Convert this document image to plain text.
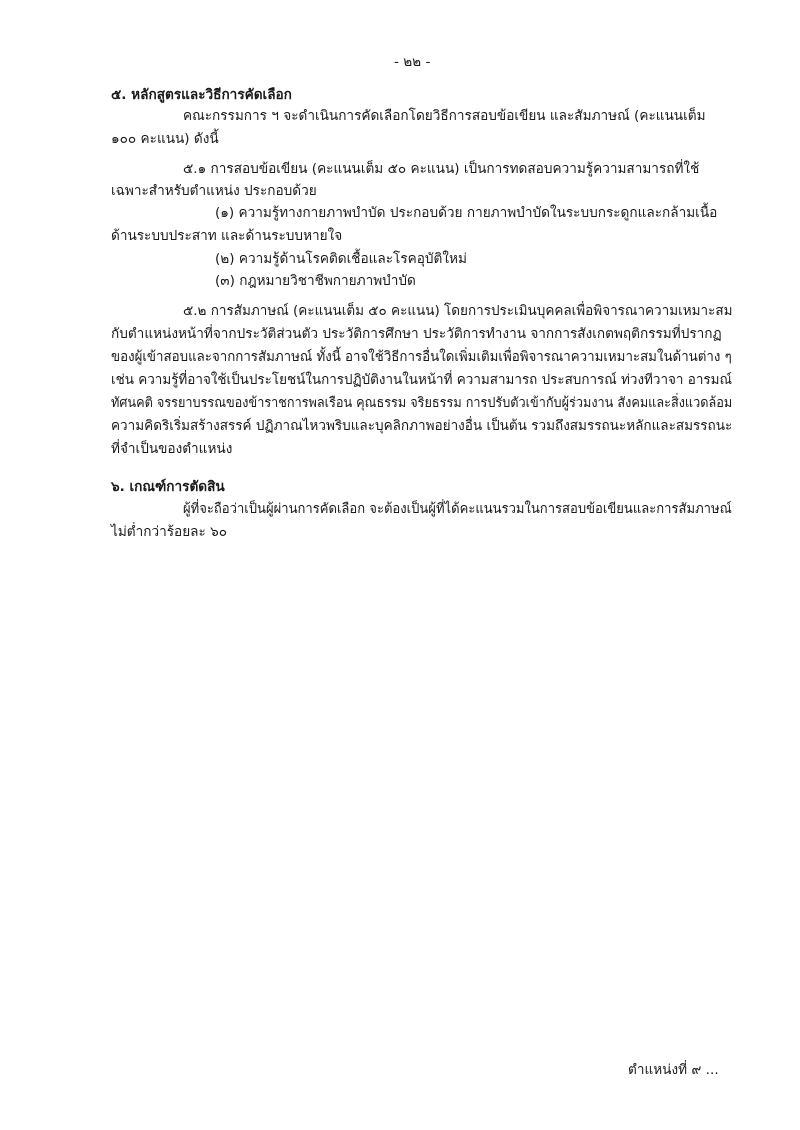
- ๒๒ -
๕. หลักสูตรและวิธีการคัดเลือก
คณะกรรมการ ฯ จะดำเนินการคัดเลือกโดยวิธีการสอบข้อเขียน และสัมภาษณ์ (คะแนนเต็ม
๑๐๐ คะแนน) ดังนี้
๕.๑ การสอบข้อเขียน (คะแนนเต็ม ๕๐ คะแนน) เป็นการทดสอบความรู้ความสามารถที่ใช้
เฉพาะสำหรับตำแหน่ง ประกอบด้วย
(๑) ความรู้ทางกายภาพบำบัด ประกอบด้วย กายภาพบำบัดในระบบกระดูกและกล้ามเนื้อ
ด้านระบบประสาท และด้านระบบหายใจ
(๒) ความรู้ด้านโรคติดเชื้อและโรคอุบัติใหม่
(๓) กฎหมายวิชาชีพกายภาพบำบัด
๕.๒ การสัมภาษณ์ (คะแนนเต็ม ๕๐ คะแนน) โดยการประเมินบุคคลเพื่อพิจารณาความเหมาะสม
กับตำแหน่งหน้าที่จากประวัติส่วนตัว ประวัติการศึกษา ประวัติการทำงาน จากการสังเกตพฤติกรรมที่ปรากฏ
ของผู้เข้าสอบและจากการสัมภาษณ์ ทั้งนี้ อาจใช้วิธีการอื่นใดเพิ่มเติมเพื่อพิจารณาความเหมาะสมในด้านต่าง ๆ
เช่น ความรู้ที่อาจใช้เป็นประโยชน์ในการปฏิบัติงานในหน้าที่ ความสามารถ ประสบการณ์ ท่วงทีวาจา อารมณ์
ทัศนคติ จรรยาบรรณของข้าราชการพลเรือน คุณธรรม จริยธรรม การปรับตัวเข้ากับผู้ร่วมงาน สังคมและสิ่งแวดล้อม
ความคิดริเริ่มสร้างสรรค์ ปฏิภาณไหวพริบและบุคลิกภาพอย่างอื่น เป็นต้น รวมถึงสมรรถนะหลักและสมรรถนะ
ที่จำเป็นของตำแหน่ง
๖. เกณฑ์การตัดสิน
ผู้ที่จะถือว่าเป็นผู้ผ่านการคัดเลือก จะต้องเป็นผู้ที่ได้คะแนนรวมในการสอบข้อเขียนและการสัมภาษณ์
ไม่ต่ำกว่าร้อยละ ๖๐
ตำแหน่งที่ ๙ ...
